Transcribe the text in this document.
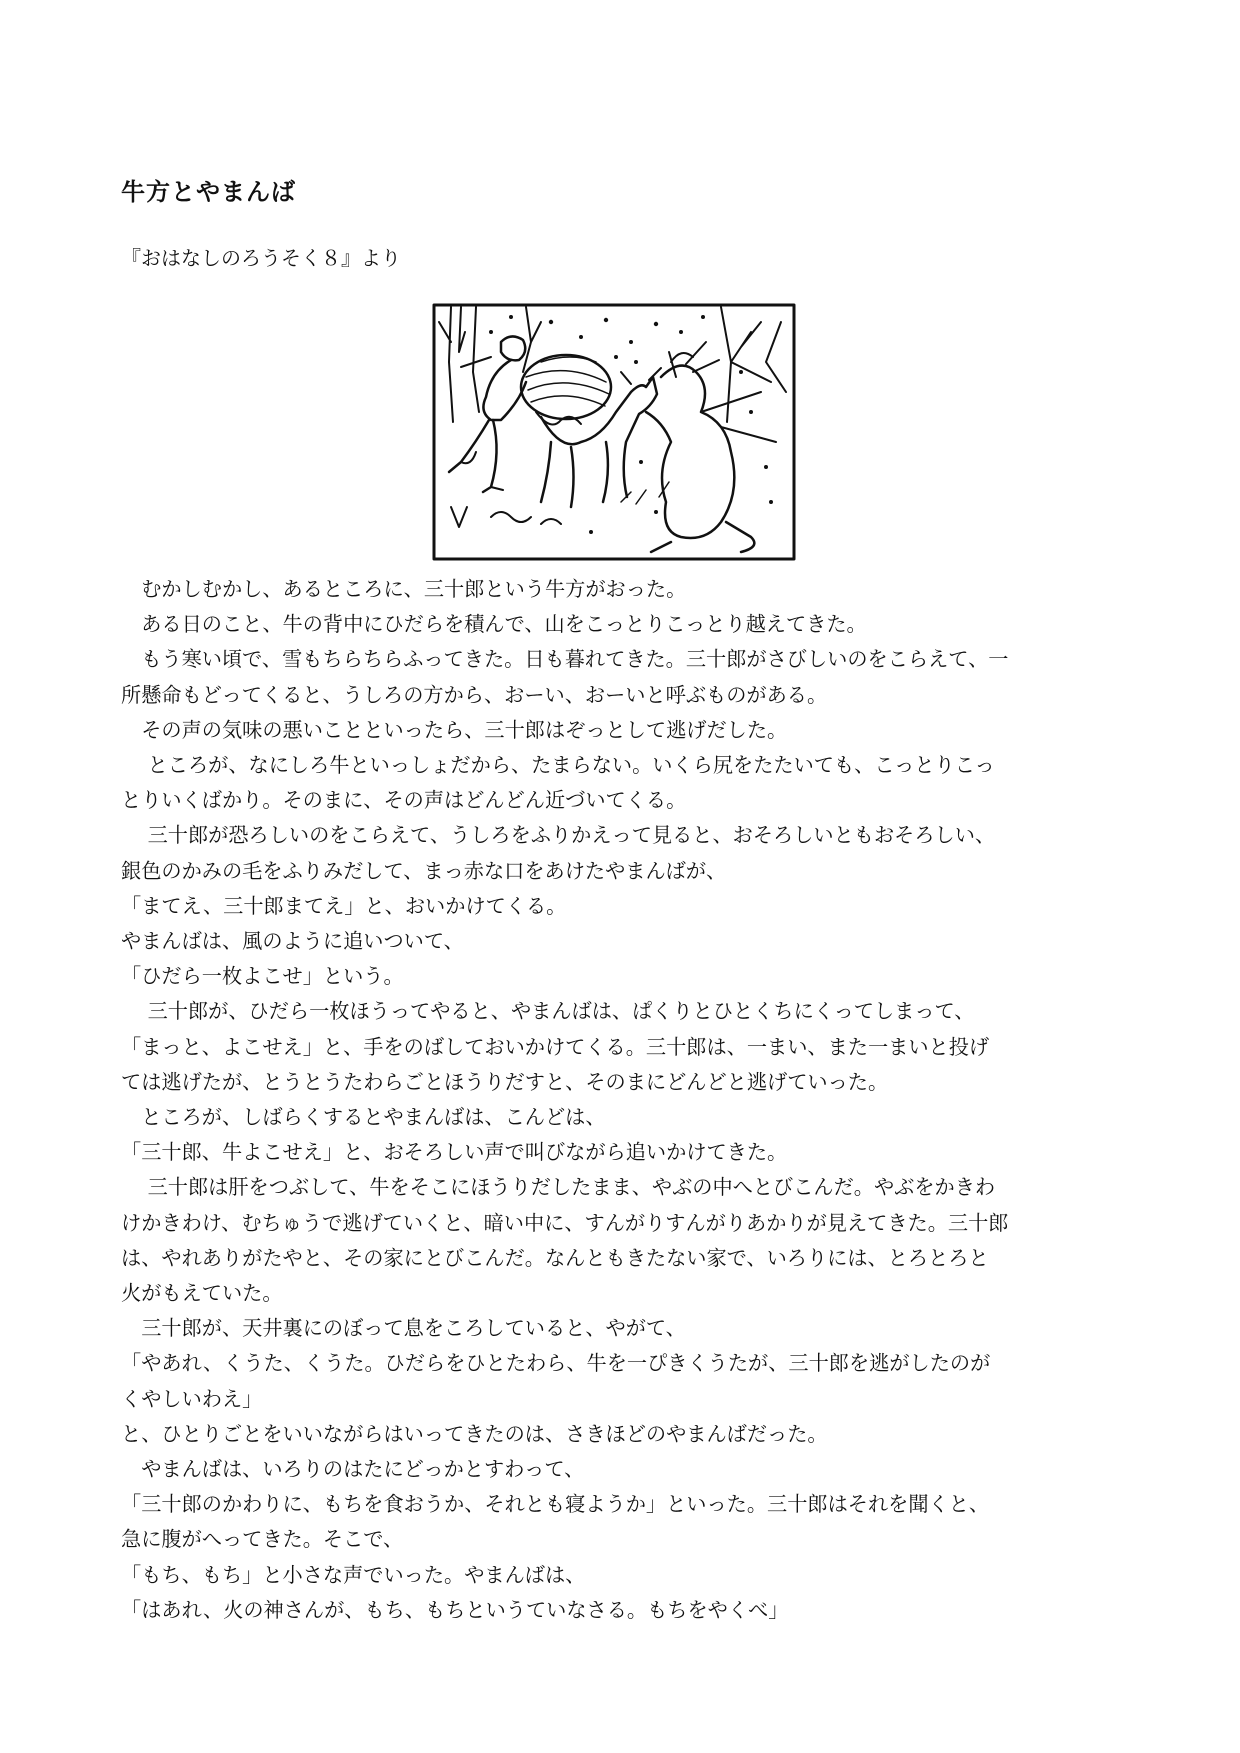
牛方とやまんば
『おはなしのろうそく８』より

　むかしむかし、あるところに、三十郎という牛方がおった。

　ある日のこと、牛の背中にひだらを積んで、山をこっとりこっとり越えてきた。

　もう寒い頃で、雪もちらちらふってきた。日も暮れてきた。三十郎がさびしいのをこらえて、一

所懸命もどってくると、うしろの方から、おーい、おーいと呼ぶものがある。

　その声の気味の悪いことといったら、三十郎はぞっとして逃げだした。

　 ところが、なにしろ牛といっしょだから、たまらない。いくら尻をたたいても、こっとりこっ

とりいくばかり。そのまに、その声はどんどん近づいてくる。

　 三十郎が恐ろしいのをこらえて、うしろをふりかえって見ると、おそろしいともおそろしい、

銀色のかみの毛をふりみだして、まっ赤な口をあけたやまんばが、

「まてえ、三十郎まてえ」と、おいかけてくる。

やまんばは、風のように追いついて、

「ひだら一枚よこせ」という。

　 三十郎が、ひだら一枚ほうってやると、やまんばは、ぱくりとひとくちにくってしまって、

「まっと、よこせえ」と、手をのばしておいかけてくる。三十郎は、一まい、また一まいと投げ

ては逃げたが、とうとうたわらごとほうりだすと、そのまにどんどと逃げていった。

　ところが、しばらくするとやまんばは、こんどは、

「三十郎、牛よこせえ」と、おそろしい声で叫びながら追いかけてきた。

　 三十郎は肝をつぶして、牛をそこにほうりだしたまま、やぶの中へとびこんだ。やぶをかきわ

けかきわけ、むちゅうで逃げていくと、暗い中に、すんがりすんがりあかりが見えてきた。三十郎

は、やれありがたやと、その家にとびこんだ。なんともきたない家で、いろりには、とろとろと

火がもえていた。

　三十郎が、天井裏にのぼって息をころしていると、やがて、

「やあれ、くうた、くうた。ひだらをひとたわら、牛を一ぴきくうたが、三十郎を逃がしたのが

くやしいわえ」

と、ひとりごとをいいながらはいってきたのは、さきほどのやまんばだった。

　やまんばは、いろりのはたにどっかとすわって、

「三十郎のかわりに、もちを食おうか、それとも寝ようか」といった。三十郎はそれを聞くと、

急に腹がへってきた。そこで、

「もち、もち」と小さな声でいった。やまんばは、

「はあれ、火の神さんが、もち、もちというていなさる。もちをやくべ」
